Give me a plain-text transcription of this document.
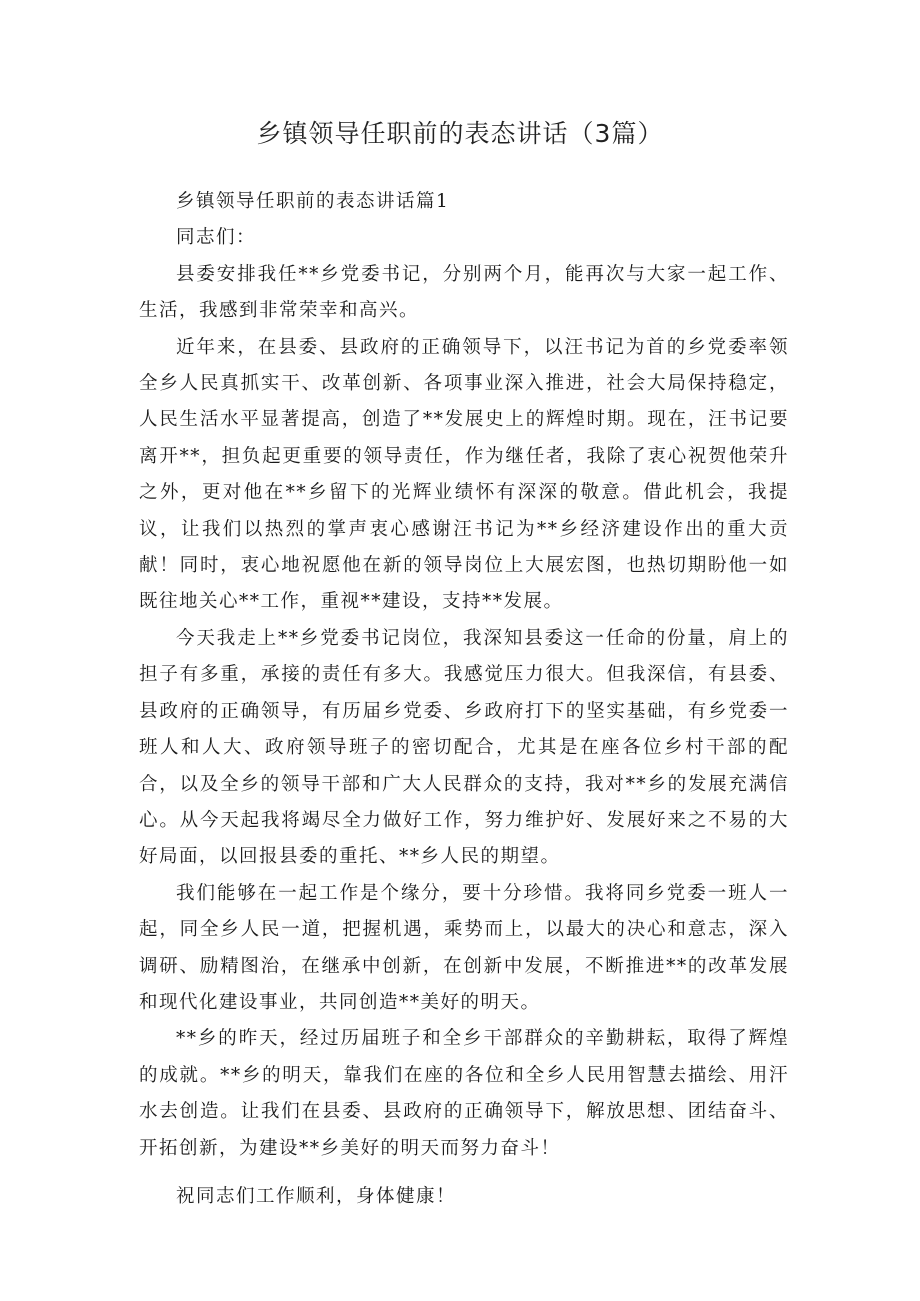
乡镇领导任职前的表态讲话（3篇）

乡镇领导任职前的表态讲话篇1

同志们：

县委安排我任**乡党委书记，分别两个月，能再次与大家一起工作、生活，我感到非常荣幸和高兴。

近年来，在县委、县政府的正确领导下，以汪书记为首的乡党委率领全乡人民真抓实干、改革创新、各项事业深入推进，社会大局保持稳定，人民生活水平显著提高，创造了**发展史上的辉煌时期。现在，汪书记要离开**，担负起更重要的领导责任，作为继任者，我除了衷心祝贺他荣升之外，更对他在**乡留下的光辉业绩怀有深深的敬意。借此机会，我提议，让我们以热烈的掌声衷心感谢汪书记为**乡经济建设作出的重大贡献！同时，衷心地祝愿他在新的领导岗位上大展宏图，也热切期盼他一如既往地关心**工作，重视**建设，支持**发展。

今天我走上**乡党委书记岗位，我深知县委这一任命的份量，肩上的担子有多重，承接的责任有多大。我感觉压力很大。但我深信，有县委、县政府的正确领导，有历届乡党委、乡政府打下的坚实基础，有乡党委一班人和人大、政府领导班子的密切配合，尤其是在座各位乡村干部的配合，以及全乡的领导干部和广大人民群众的支持，我对**乡的发展充满信心。从今天起我将竭尽全力做好工作，努力维护好、发展好来之不易的大好局面，以回报县委的重托、**乡人民的期望。

我们能够在一起工作是个缘分，要十分珍惜。我将同乡党委一班人一起，同全乡人民一道，把握机遇，乘势而上，以最大的决心和意志，深入调研、励精图治，在继承中创新，在创新中发展，不断推进**的改革发展和现代化建设事业，共同创造**美好的明天。

**乡的昨天，经过历届班子和全乡干部群众的辛勤耕耘，取得了辉煌的成就。**乡的明天，靠我们在座的各位和全乡人民用智慧去描绘、用汗水去创造。让我们在县委、县政府的正确领导下，解放思想、团结奋斗、开拓创新，为建设**乡美好的明天而努力奋斗！

祝同志们工作顺利，身体健康！
